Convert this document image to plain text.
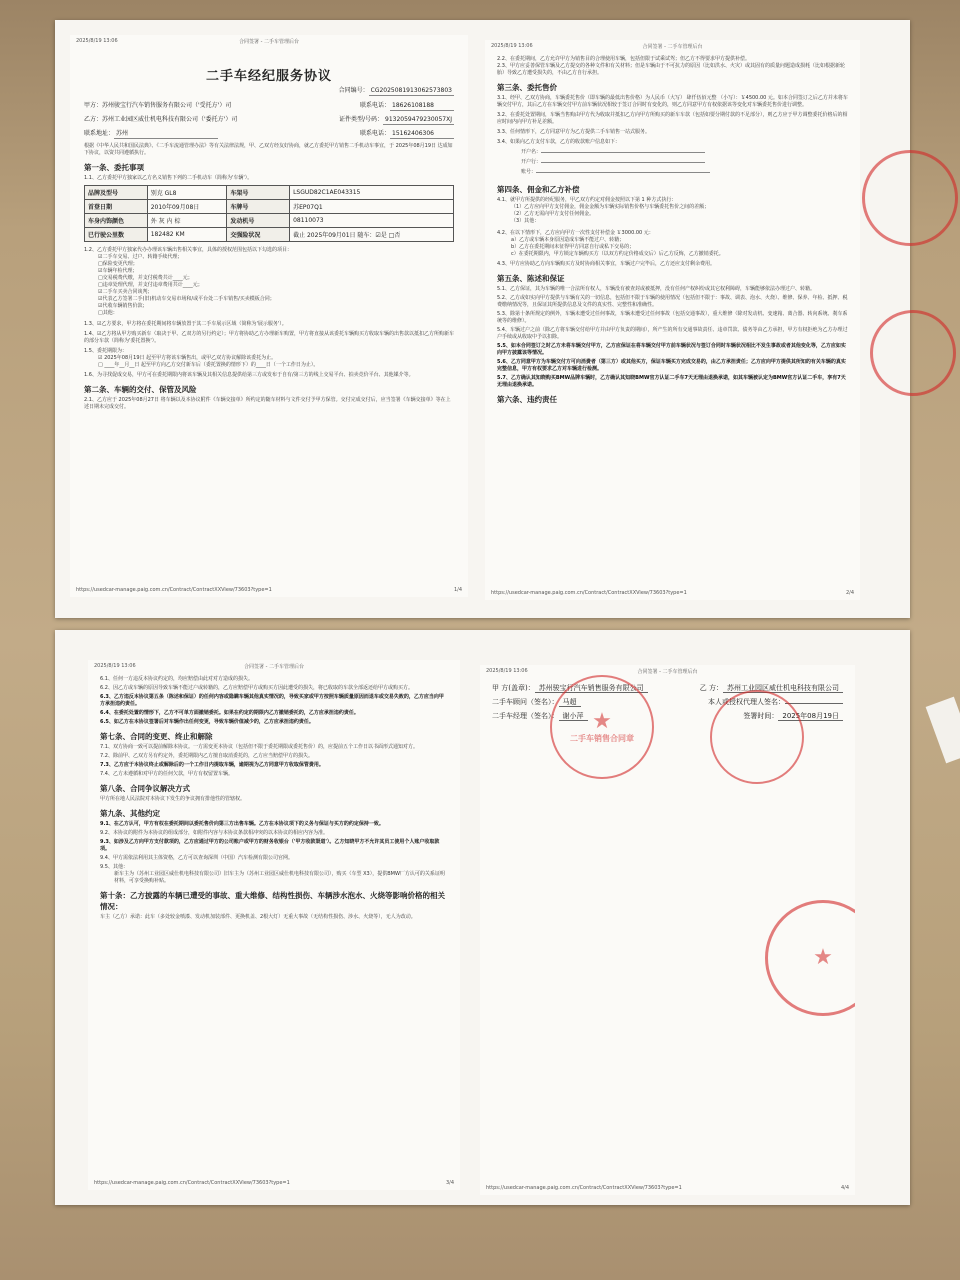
2025/8/19 13:06	合同签署 - 二手车管理后台
二手车经纪服务协议
合同编号： CG2025081913062573803
甲方：苏州骏宝行汽车销售服务有限公司（'受托方'）司	联系电话： 18626108188
乙方：苏州工业园区威仕机电科技有限公司（'委托方'）司	证件类型/号码： 9132059479230057XJ
联系地址： 苏州	联系电话： 15162406306
根据《中华人民共和国民法典》、《二手车流通管理办法》等有关法律法规，甲、乙双方经友好协商，就乙方委托甲方销售二手机动车事宜，于 2025年08月19日 达成如下协议，以资共同遵循执行。
第一条、委托事项
1.1、乙方委托甲方独家以乙方名义销售下列的二手机动车（简称为'车辆'）。
品牌及型号	别克 GL8	车架号	LSGUD82C1AE043315
首登日期	2010年09月08日	车牌号	苏EP07Q1
车身内饰颜色	外 灰 内 棕	发动机号	08110073
已行驶公里数	182482 KM	交强险状况	截止 2025年09月01日 随车：☑是 □否
1.2、乙方委托甲方独家代办办理该车辆出售相关事宜，具体的授权范围包括以下勾选的项目：
☑二手车交易、过户、转籍手续代理；
□保险变更代理；
☑车辆年检代理；
□交易税费代缴，并支付税费共计____元；
□违章处理代理，并支付违章费用共计____元；
☑二手车买卖合同谈判；
☑代表乙方签署二手(旧)机动车交易市场和/或平台处二手车销售/买卖模板合同；
☑代收车辆销售价款；
□其他：
1.3、☑乙方要求，甲方将在委托期间将车辆放置于其二手车展示区域（简称为'展示服务'）。
1.4、☑乙方将从甲方购买新车（取决于甲、乙双方的另行约定）；甲方将协助乙方办理新车购置，甲方将直接从该委托车辆购买方收取车辆的出售款以抵扣乙方所购新车的部分车款（简称为'委托置换'）。
1.5、委托期限为：
☑ 2025年08月19日 起至甲方将该车辆售出，或甲乙双方协议解除该委托为止。
□ ____年__月__日 起至甲方向乙方交付新车后（委托置换的情形下）的____日（一个工作日为止）。
1.6、为寻找促成交易，甲方可在委托期限内将该车辆及其相关信息提供给第三方或发布于自有/第三方的线上交易平台、拍卖竞价平台、其他媒介等。
第二条、车辆的交付、保管及风险
2.1、乙方应于 2025年08月27日 将车辆以及本协议附件《车辆交接单》所约定的随车材料与文件交付予甲方保管。交付完成交付后，应当签署《车辆交接单》等在上述日期未完成交付。
https://usedcar-manage.paig.com.cn/Contract/ContractXXView/73603?type=1	1/4
2025/8/19 13:06	合同签署 - 二手车管理后台
2.2、在委托期间，乙方允许甲方为销售目的合理使用车辆，包括但限于试乘试驾；但乙方不得要求甲方提供补偿。
2.3、甲方应妥善保管车辆及乙方提交的各种文件和有关材料；但是车辆由于不可抗力的原因（比如洪水、火灾）或其固有的质量问题造成损耗（比如根据新轮胎）导致乙方遭受损失的，不由乙方自行承担。
第三条、委托售价
3.1、经甲、乙双方协商，车辆委托售价（即车辆的最低出售价格）为人民币（大写） 肆仟伍佰元整 （小写）：￥4500.00 元。如本合同签订之后乙方并未将车辆交付甲方，其后乙方在车辆交付甲方前车辆状况相较于签订合同时有变化的，则乙方同意甲方有权依据该等变化对车辆委托售价进行调整。
3.2、在委托处置期间，车辆当售购由甲方代为收取并抵扣乙方向甲方所购买的新车车款（包括如要分期付款的不足部分），则乙方应于甲方调整委托价格后的相应时间内向甲方补足差额。
3.3、任何情形下，乙方同意甲方为乙方提供二手车销售一站式服务。
3.4、如果向乙方支付车款，乙方的收款账户信息如下：
开户名：
开户行：
账号：
第四条、佣金和乙方补偿
4.1、就甲方所提供的经纪服务，甲乙双方约定对佣金按照以下第 1 种方式执行：
（1）乙方应向甲方支付佣金，佣金金额为车辆实际销售价格与车辆委托售价之间的差额；
（2）乙方无需向甲方支付任何佣金。
（3）其他：
4.2、在以下情形下，乙方应向甲方一次性支付补偿金 ￥3000.00 元：
a）乙方或车辆本身原因造成车辆不能过户、转籍；
b）乙方在委托期间未征得甲方同意自行或私下交易的；
c）在委托期限内，甲方锁定车辆购买方（以双方约定价格成交后）后乙方反悔，乙方撤销委托。
4.3、甲方应协助乙方向车辆购买方及时协商相关事宜，车辆过户完毕后，乙方还应支付剩余费用。
第五条、陈述和保证
5.1、乙方保证，其为车辆的唯一合法所有权人，车辆没有被查封或被抵押，没有任何产权纠纷或其它权利障碍，车辆能够依法办理过户、转籍。
5.2、乙方或如实向甲方提供与车辆有关的一切信息，包括但不限于车辆的使用情况（包括但不限于：事故、调表、泡水、火烧）、维修、保养、年检、抵押、税费缴纳情况等，且保证其所提供信息及文件的真实性、完整性和准确性。
5.3、除第十条所规定的例外，车辆未遭受过任何事故，车辆未遭受过任何事故（包括交通事故），重大维修（除对发动机、变速箱、离合器、转向系统、刹车系统等的维修）。
5.4、车辆过户之前（除乙方将车辆交付给甲方并由甲方负责的期间），所产生的所有交通事故责任、违章罚款、债务等由乙方承担，甲方有权拒绝为乙方办理过户手续或从收取中予以扣除。
5.5、如本合同签订之时乙方未将车辆交付甲方，乙方应保证在将车辆交付甲方前车辆状况与签订合同时车辆状况相比不发生事故或者其他变化等，乙方应如实向甲方披露该等情况。
5.6、乙方同意甲方为车辆交付方可向消费者（第三方）或其他买方，保证车辆买方完成交易的，由乙方承担责任；乙方应向甲方提供其所知的有关车辆的真实完整信息，甲方有权要求乙方对车辆进行检测。
5.7、乙方确认其知晓购买BMW品牌车辆时，乙方确认其知晓BMW官方认证二手车7天无理由退换承诺，如其车辆被认定为BMW官方认证二手车，享有7天无理由退换承诺。
第六条、违约责任
https://usedcar-manage.paig.com.cn/Contract/ContractXXView/73603?type=1	2/4
2025/8/19 13:06	合同签署 - 二手车管理后台
6.1、任何一方违反本协议约定的，均应赔偿由此对对方造成的损失。
6.2、因乙方或车辆的原因导致车辆不能过户或转籍的，乙方应赔偿甲方或购买方因此遭受的损失，将已收取的车款全部返还给甲方或购买方。
6.3、乙方违反本协议第五条（陈述和保证）的任何内容或隐瞒车辆其他真实情况的，导致买家或甲方按照车辆质量原因而退车或交易失败的，乙方应当向甲方承担违约责任。
6.4、在委托处置的情形下，乙方不可单方面撤销委托。如果在约定的期限内乙方撤销委托的，乙方应承担违约责任。
6.5、如乙方在本协议签署后对车辆作出任何变更，导致车辆价值减少的，乙方应承担违约责任。
第七条、合同的变更、终止和解除
7.1、双方协商一致可以提前解除本协议。一方需变更本协议（包括但不限于委托期限或委托售价）的，应提前五个工作日以书面形式通知对方。
7.2、除前甲、乙双方另有约定外，委托期限内乙方擅自取消委托的，乙方应当赔偿甲方的损失。
7.3、乙方应于本协议终止或解除后的一个工作日内提取车辆，逾期视为乙方同意甲方收取保管费用。
7.4、乙方未遵循和对甲方的任何欠款，甲方有权留置车辆。
第八条、合同争议解决方式
甲方所在地人民法院对本协议下发生的争议拥有排他性的管辖权。
第九条、其他约定
9.1、在乙方认可，甲方有权在委托期间以委托售价向第三方出售车辆。乙方在本协议项下的义务与保证与买方的约定保持一致。
9.2、本协议的附件为本协议的组成部分，如附件内容与本协议条款相冲突的以本协议的相应内容为准。
9.3、如涉及乙方向甲方支付款项的，乙方应通过甲方的公司账户或甲方的财务收银台（'甲方收款渠道'）。乙方知晓甲方不允许其员工使用个人账户收取款项。
9.4、甲方需依法利用其主体资格，乙方可以查询深圳（中国）汽车检测有限公司官网。
9.5、其他：
新车主为（苏州工业园区威仕机电科技有限公司）旧车主为（苏州工业园区威仕机电科技有限公司），购买（车型 X3），提供BMW厂方认可的关系证明材料，可享受换购补贴。
第十条：乙方披露的车辆已遭受的事故、重大维修、结构性损伤、车辆涉水泡水、火烧等影响价格的相关情况：
车主（乙方）承诺：此车（多处较金喷漆、发动机加装部件、更换机盖、2根大灯）无重大事故（无结构性损伤、涉水、火烧等），无人为改动。
https://usedcar-manage.paig.com.cn/Contract/ContractXXView/73603?type=1	3/4
2025/8/19 13:06	合同签署 - 二手车管理后台
甲 方(盖章)： 苏州骏宝行汽车销售服务有限公司	乙 方： 苏州工业园区威仕机电科技有限公司
二手车顾问（签名）： 马超	本人或授权代理人签名：
二手车经理（签名）： 谢小萍	签署时间： 2025年08月19日
★
二手车销售合同章
★
https://usedcar-manage.paig.com.cn/Contract/ContractXXView/73603?type=1	4/4
